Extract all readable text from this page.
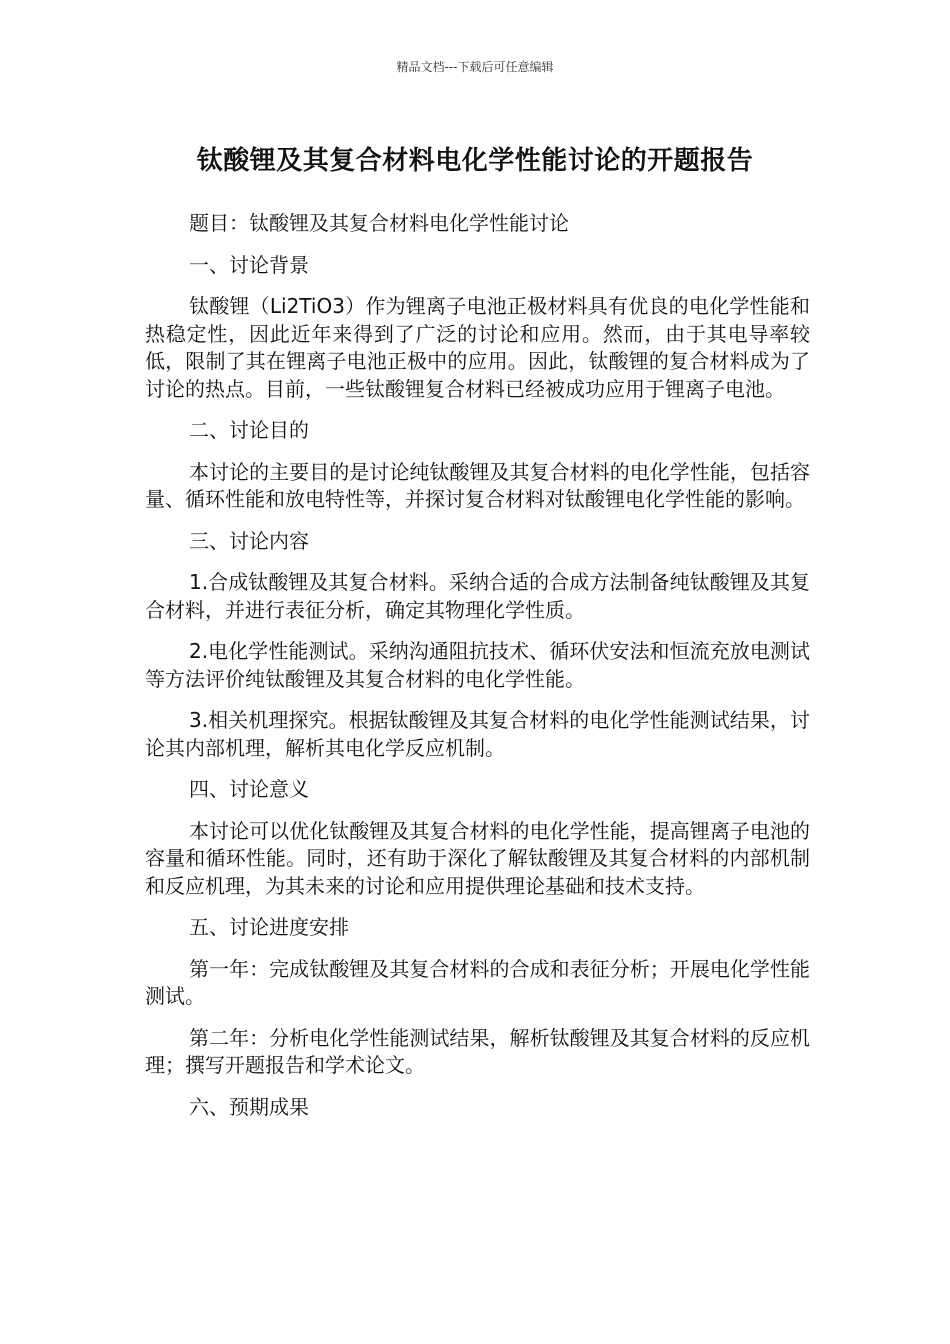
精品文档---下载后可任意编辑
钛酸锂及其复合材料电化学性能讨论的开题报告

题目：钛酸锂及其复合材料电化学性能讨论

一、讨论背景

钛酸锂（Li2TiO3）作为锂离子电池正极材料具有优良的电化学性能和热稳定性，因此近年来得到了广泛的讨论和应用。然而，由于其电导率较低，限制了其在锂离子电池正极中的应用。因此，钛酸锂的复合材料成为了讨论的热点。目前，一些钛酸锂复合材料已经被成功应用于锂离子电池。

二、讨论目的

本讨论的主要目的是讨论纯钛酸锂及其复合材料的电化学性能，包括容量、循环性能和放电特性等，并探讨复合材料对钛酸锂电化学性能的影响。

三、讨论内容

1.合成钛酸锂及其复合材料。采纳合适的合成方法制备纯钛酸锂及其复合材料，并进行表征分析，确定其物理化学性质。

2.电化学性能测试。采纳沟通阻抗技术、循环伏安法和恒流充放电测试等方法评价纯钛酸锂及其复合材料的电化学性能。

3.相关机理探究。根据钛酸锂及其复合材料的电化学性能测试结果，讨论其内部机理，解析其电化学反应机制。

四、讨论意义

本讨论可以优化钛酸锂及其复合材料的电化学性能，提高锂离子电池的容量和循环性能。同时，还有助于深化了解钛酸锂及其复合材料的内部机制和反应机理，为其未来的讨论和应用提供理论基础和技术支持。

五、讨论进度安排

第一年：完成钛酸锂及其复合材料的合成和表征分析；开展电化学性能测试。

第二年：分析电化学性能测试结果，解析钛酸锂及其复合材料的反应机理；撰写开题报告和学术论文。

六、预期成果
